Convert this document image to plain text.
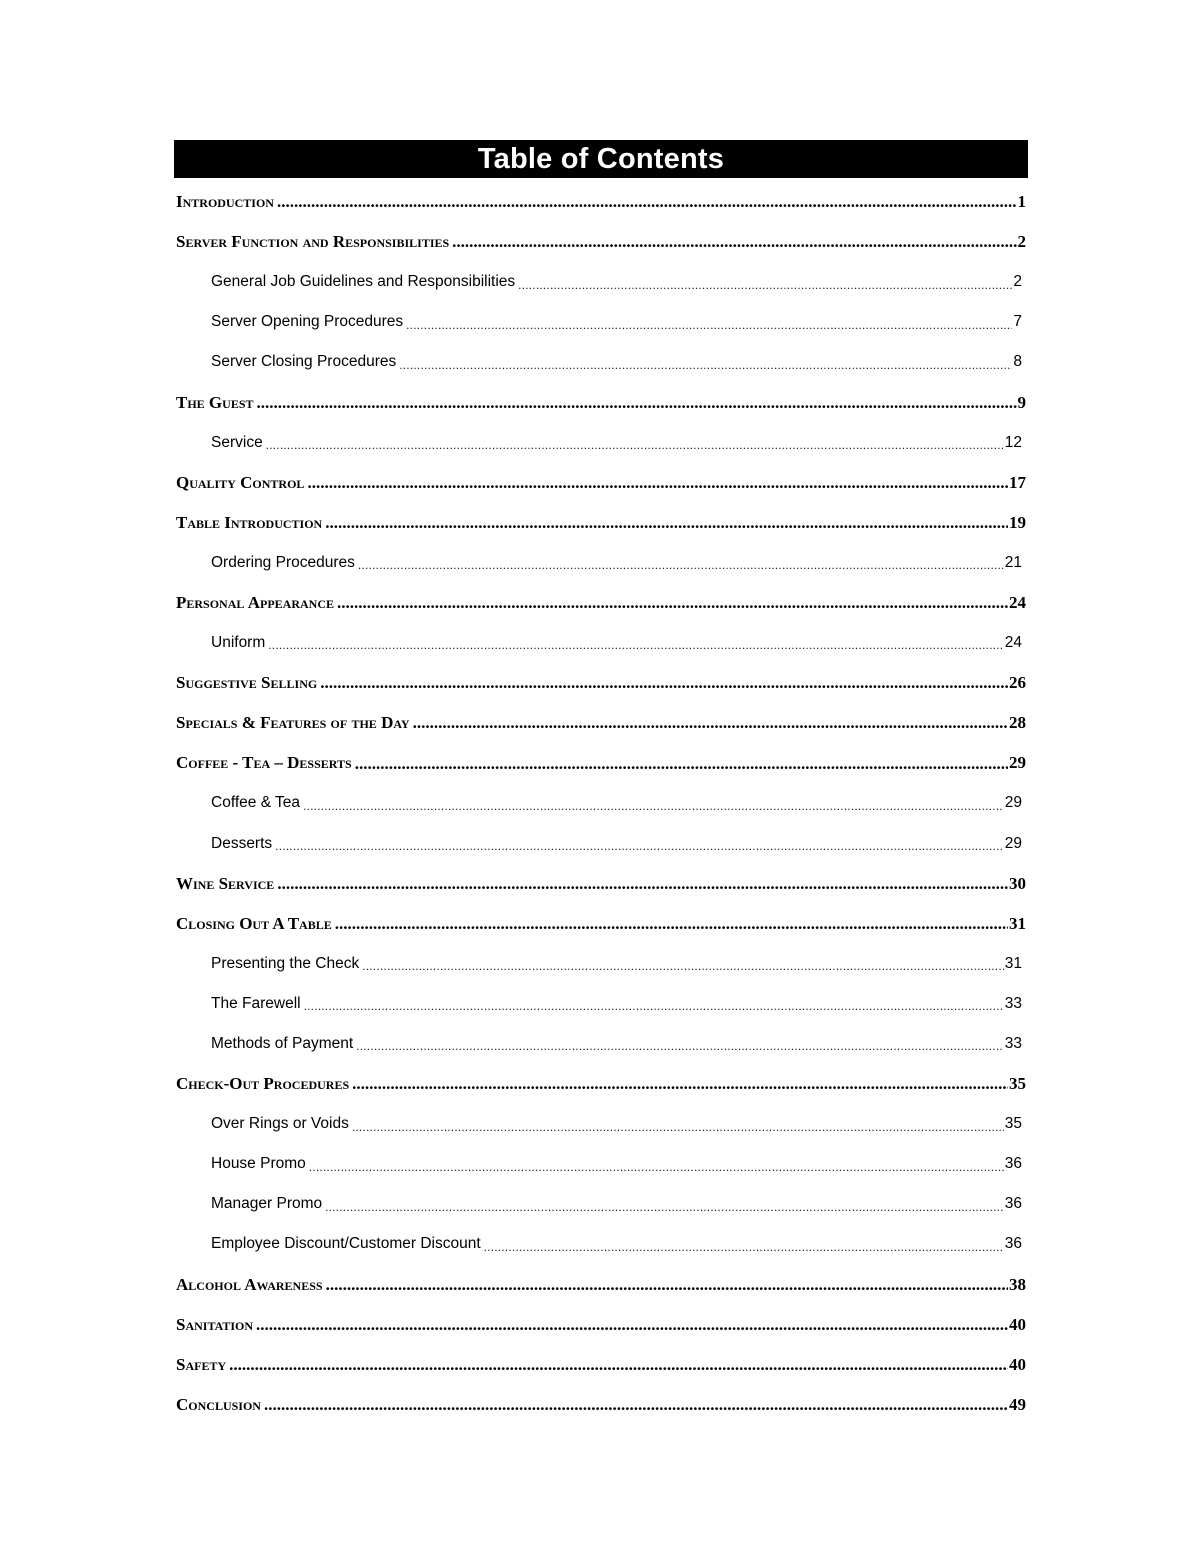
Table of Contents
Introduction .....	1
Server Function and Responsibilities .....	2
General Job Guidelines and Responsibilities .....	2
Server Opening Procedures .....	7
Server Closing Procedures .....	8
The Guest .....	9
Service .....	12
Quality Control .....	17
Table Introduction .....	19
Ordering Procedures .....	21
Personal Appearance .....	24
Uniform .....	24
Suggestive Selling .....	26
Specials & Features of the Day .....	28
Coffee - Tea – Desserts .....	29
Coffee & Tea .....	29
Desserts .....	29
Wine Service .....	30
Closing Out A Table .....	31
Presenting the Check .....	31
The Farewell .....	33
Methods of Payment .....	33
Check-Out Procedures .....	35
Over Rings or Voids .....	35
House Promo .....	36
Manager Promo .....	36
Employee Discount/Customer Discount .....	36
Alcohol Awareness .....	38
Sanitation .....	40
Safety .....	40
Conclusion .....	49
